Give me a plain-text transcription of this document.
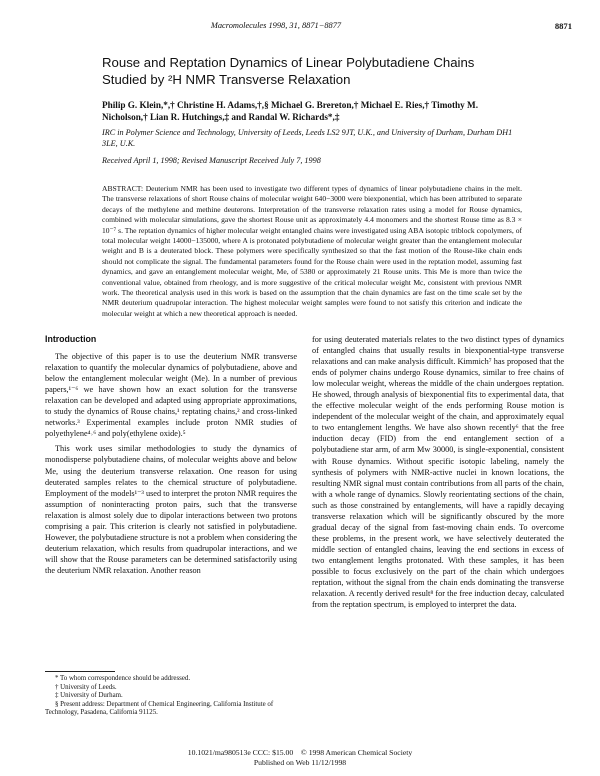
Macromolecules 1998, 31, 8871−8877	8871
Rouse and Reptation Dynamics of Linear Polybutadiene Chains Studied by ²H NMR Transverse Relaxation
Philip G. Klein,*,† Christine H. Adams,†,§ Michael G. Brereton,† Michael E. Ries,† Timothy M. Nicholson,† Lian R. Hutchings,‡ and Randal W. Richards*,‡
IRC in Polymer Science and Technology, University of Leeds, Leeds LS2 9JT, U.K., and University of Durham, Durham DH1 3LE, U.K.
Received April 1, 1998; Revised Manuscript Received July 7, 1998
ABSTRACT: Deuterium NMR has been used to investigate two different types of dynamics of linear polybutadiene chains in the melt. The transverse relaxations of short Rouse chains of molecular weight 640−3000 were biexponential, which has been attributed to separate decays of the methylene and methine deuterons. Interpretation of the transverse relaxation rates using a model for Rouse dynamics, combined with molecular simulations, gave the shortest Rouse unit as approximately 4.4 monomers and the shortest Rouse time as 8.3 × 10⁻⁷ s. The reptation dynamics of higher molecular weight entangled chains were investigated using ABA isotopic triblock copolymers, of total molecular weight 14000−135000, where A is protonated polybutadiene of molecular weight greater than the entanglement molecular weight and B is a deuterated block. These polymers were specifically synthesized so that the fast motion of the Rouse-like chain ends should not complicate the signal. The fundamental parameters found for the Rouse chain were used in the reptation model, assuming fast dynamics, and gave an entanglement molecular weight, Me, of 5380 or approximately 21 Rouse units. This Me is more than twice the conventional value, obtained from rheology, and is more suggestive of the critical molecular weight Mc, consistent with previous NMR work. The theoretical analysis used in this work is based on the assumption that the chain dynamics are fast on the time scale set by the NMR deuterium quadrupolar interaction. The highest molecular weight samples were found to not satisfy this criterion and indicate the molecular weight at which a new theoretical approach is needed.
Introduction

The objective of this paper is to use the deuterium NMR transverse relaxation to quantify the molecular dynamics of polybutadiene, above and below the entanglement molecular weight (Me). In a number of previous papers,¹⁻⁶ we have shown how an exact solution for the transverse relaxation can be developed and adapted using appropriate approximations, to study the dynamics of Rouse chains,¹ reptating chains,² and cross-linked networks.³ Experimental examples include proton NMR studies of polyethylene⁴˒⁶ and poly(ethylene oxide).⁵

This work uses similar methodologies to study the dynamics of monodisperse polybutadiene chains, of molecular weights above and below Me, using the deuterium transverse relaxation. One reason for using deuterated samples relates to the chemical structure of polybutadiene. Employment of the models¹⁻³ used to interpret the proton NMR requires the assumption of noninteracting proton pairs, such that the transverse relaxation is almost solely due to dipolar interactions between two protons comprising a pair. This criterion is clearly not satisfied in polybutadiene. However, the polybutadiene structure is not a problem when considering the deuterium relaxation, which results from quadrupolar interactions, and we will show that the Rouse parameters can be determined satisfactorily using the deuterium NMR relaxation. Another reason

for using deuterated materials relates to the two distinct types of dynamics of entangled chains that usually results in biexponential-type transverse relaxations and can make analysis difficult. Kimmich⁷ has proposed that the ends of polymer chains undergo Rouse dynamics, similar to free chains of low molecular weight, whereas the middle of the chain undergoes reptation. He showed, through analysis of biexponential fits to experimental data, that the effective molecular weight of the ends performing Rouse motion is independent of the molecular weight of the chain, and approximately equal to two entanglement lengths. We have also shown recently⁶ that the free induction decay (FID) from the end entanglement section of a polybutadiene star arm, of arm Mw 30000, is single-exponential, consistent with Rouse dynamics. Without specific isotopic labeling, namely the synthesis of polymers with NMR-active nuclei in known locations, the resulting NMR signal must contain contributions from all parts of the chain, with a whole range of dynamics. Slowly reorientating sections of the chain, such as those constrained by entanglements, will have a rapidly decaying transverse relaxation which will be significantly obscured by the more gradual decay of the signal from fast-moving chain ends. To overcome these problems, in the present work, we have selectively deuterated the middle section of entangled chains, leaving the end sections in excess of two entanglement lengths protonated. With these samples, it has been possible to focus exclusively on the part of the chain which undergoes reptation, without the signal from the chain ends dominating the transverse relaxation. A recently derived result⁸ for the free induction decay, calculated from the reptation spectrum, is employed to interpret the data.

* To whom correspondence should be addressed.
† University of Leeds.
‡ University of Durham.
§ Present address: Department of Chemical Engineering, California Institute of Technology, Pasadena, California 91125.
10.1021/ma980513e CCC: $15.00    © 1998 American Chemical Society
Published on Web 11/12/1998
